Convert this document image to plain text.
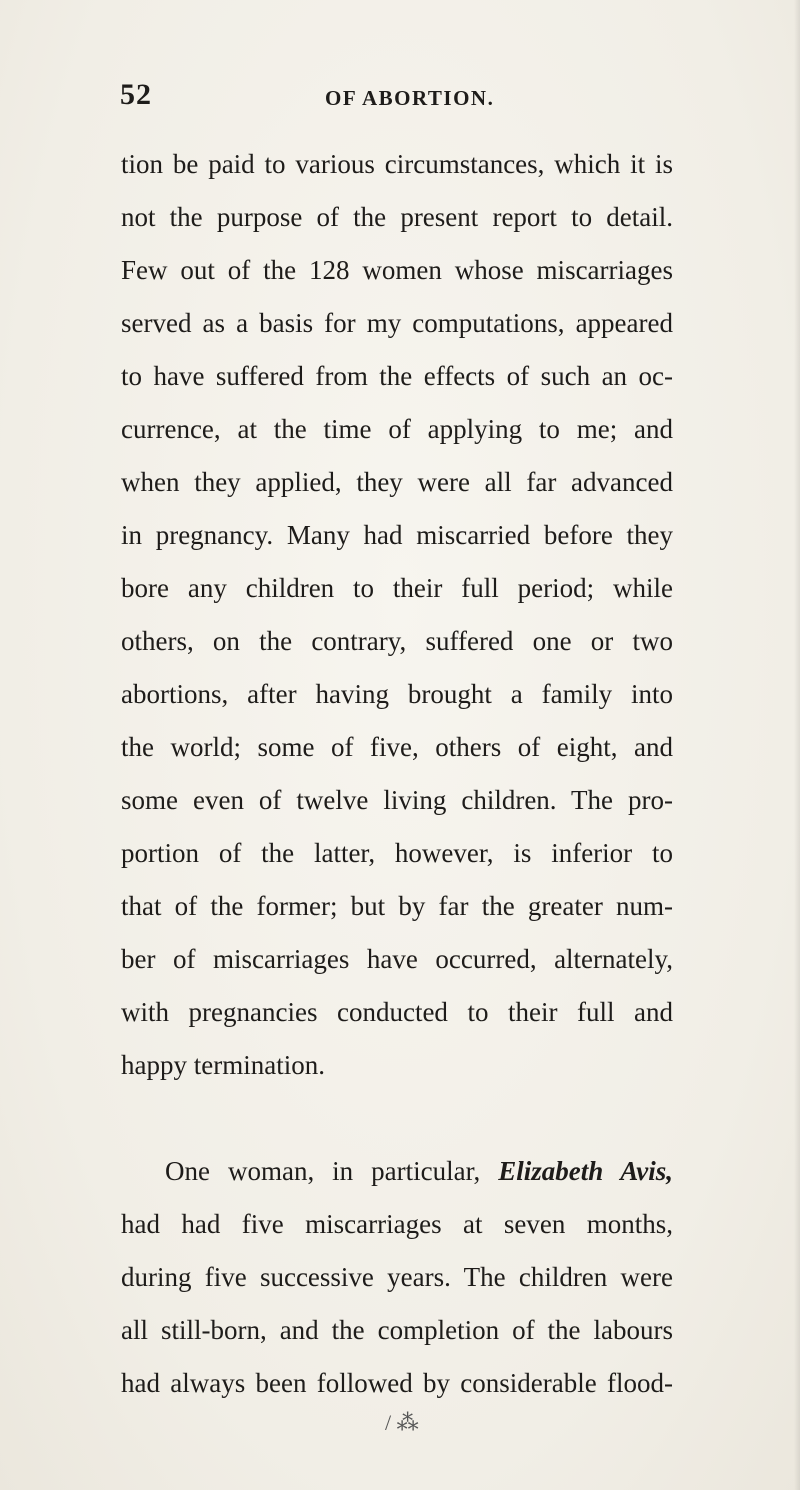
52	OF ABORTION.
tion be paid to various circumstances, which it is
not the purpose of the present report to detail.
Few out of the 128 women whose miscarriages
served as a basis for my computations, appeared
to have suffered from the effects of such an oc-
currence, at the time of applying to me; and
when they applied, they were all far advanced
in pregnancy. Many had miscarried before they
bore any children to their full period; while
others, on the contrary, suffered one or two
abortions, after having brought a family into
the world; some of five, others of eight, and
some even of twelve living children. The pro-
portion of the latter, however, is inferior to
that of the former; but by far the greater num-
ber of miscarriages have occurred, alternately,
with pregnancies conducted to their full and
happy termination.
One woman, in particular, Elizabeth Avis,
had had five miscarriages at seven months,
during five successive years. The children were
all still-born, and the completion of the labours
had always been followed by considerable flood-
/ ⁂
